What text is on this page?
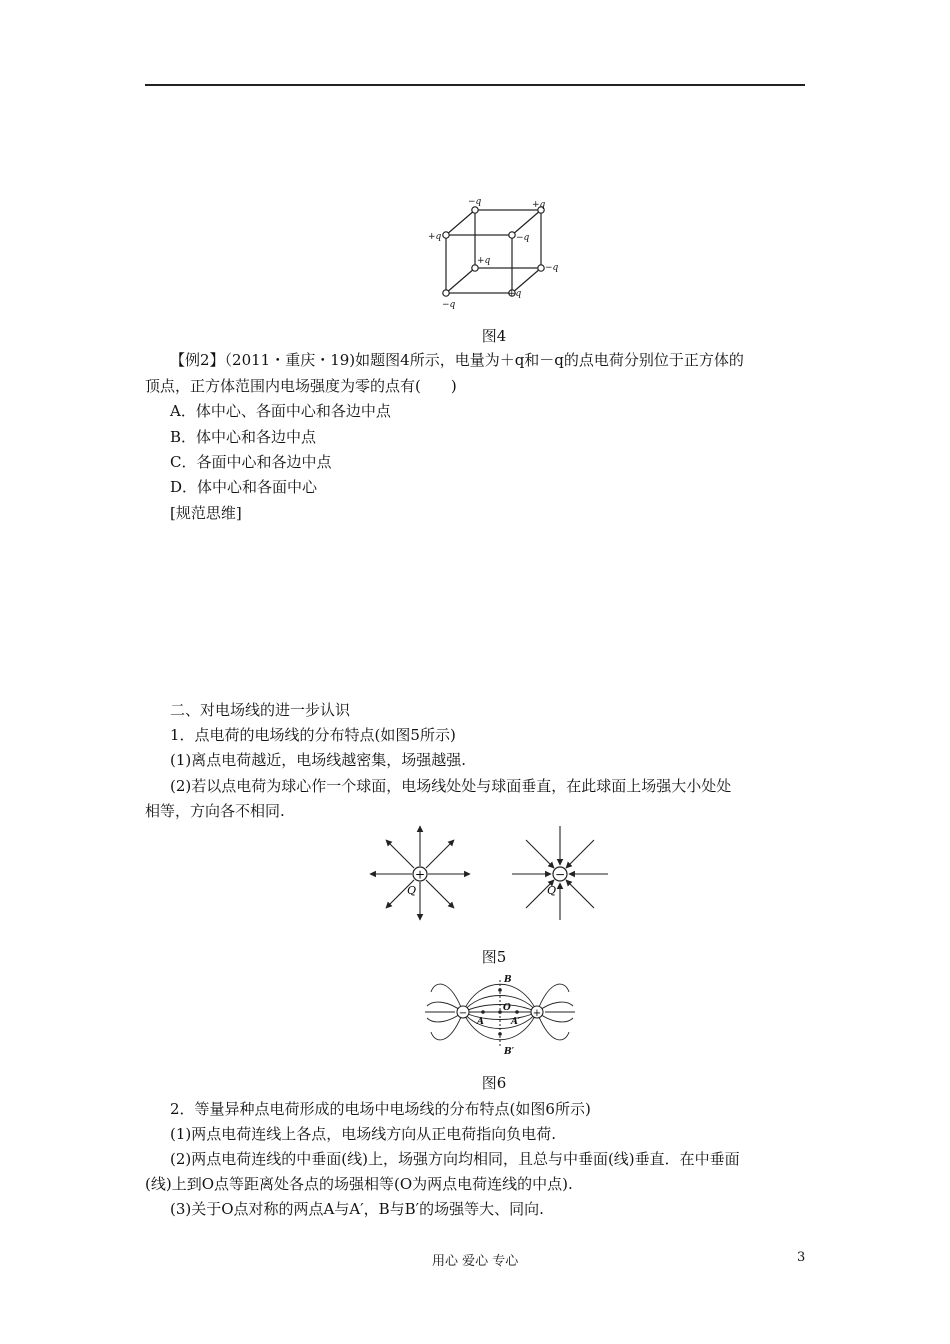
−q	+q
+q	−q
+q
−q
−q
+q
图4
【例2】（2011・重庆・19)如题图4所示，电量为＋q和－q的点电荷分别位于正方体的
顶点，正方体范围内电场强度为零的点有(　　)
A．体中心、各面中心和各边中点
B．体中心和各边中点
C．各面中心和各边中点
D．体中心和各面中心
[规范思维]
二、对电场线的进一步认识
1．点电荷的电场线的分布特点(如图5所示)
(1)离点电荷越近，电场线越密集，场强越强.
(2)若以点电荷为球心作一个球面，电场线处处与球面垂直，在此球面上场强大小处处
相等，方向各不相同.
+
Q
−
Q
图5
−	+
B
B′
O
A	A′
图6
2．等量异种点电荷形成的电场中电场线的分布特点(如图6所示)
(1)两点电荷连线上各点，电场线方向从正电荷指向负电荷.
(2)两点电荷连线的中垂面(线)上，场强方向均相同，且总与中垂面(线)垂直．在中垂面
(线)上到O点等距离处各点的场强相等(O为两点电荷连线的中点).
(3)关于O点对称的两点A与A′，B与B′的场强等大、同向.
用心 爱心 专心	3
